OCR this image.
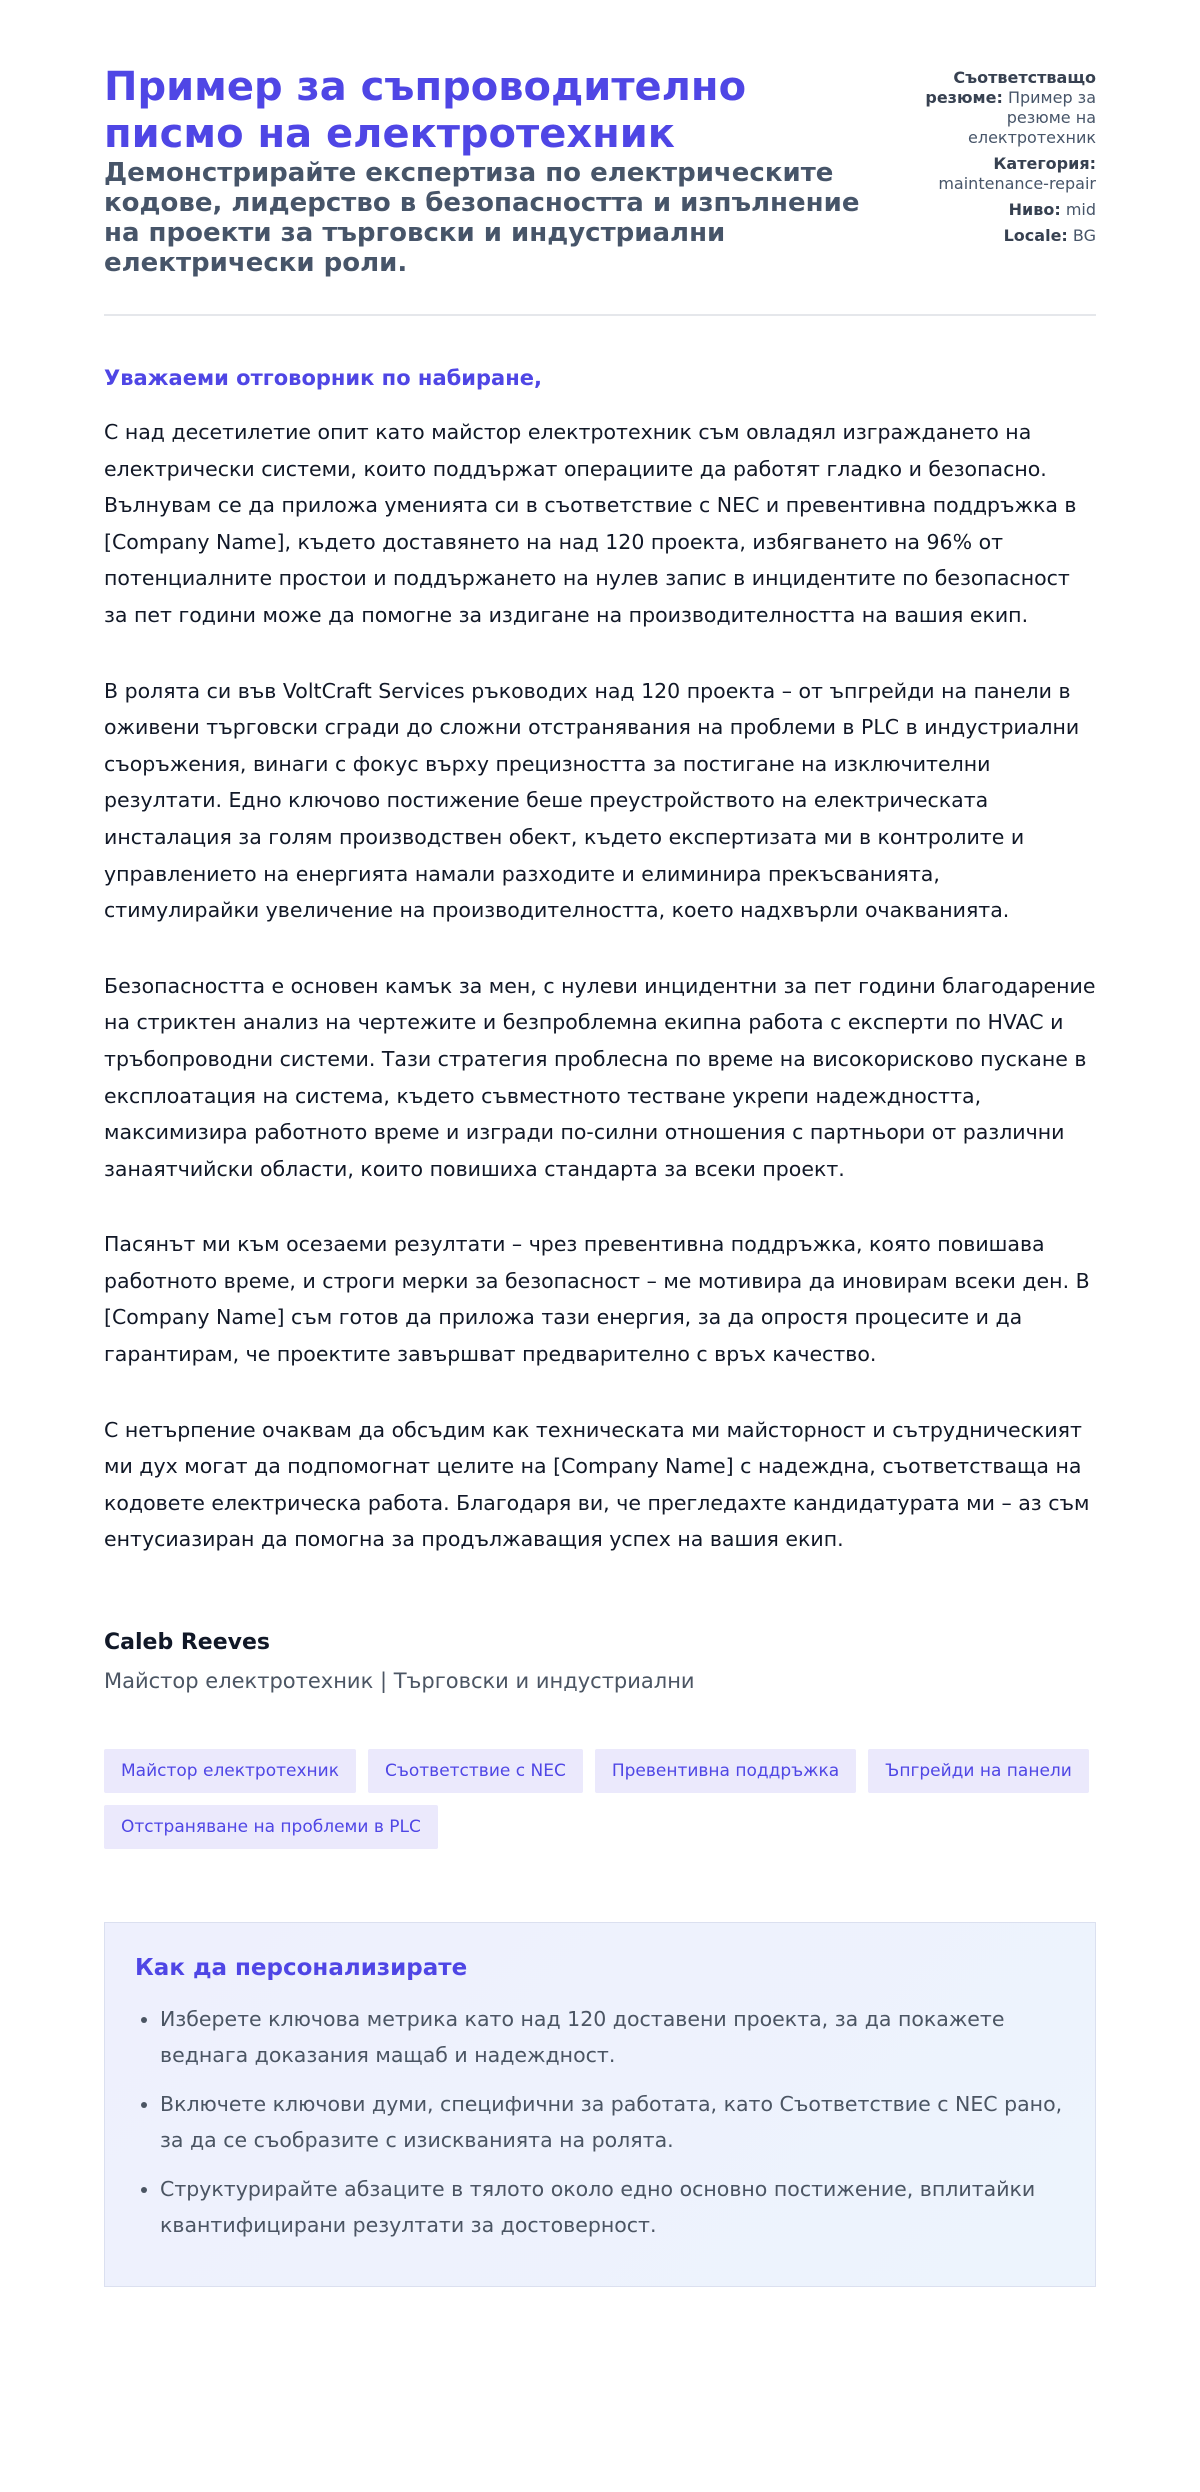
Пример за съпроводително писмо на електротехник
Демонстрирайте експертиза по електрическите кодове, лидерство в безопасността и изпълнение на проекти за търговски и индустриални електрически роли.
Съответстващо резюме: Пример за резюме на електротехник
Категория: maintenance-repair
Ниво: mid
Locale: BG
Уважаеми отговорник по набиране,

С над десетилетие опит като майстор електротехник съм овладял изграждането на електрически системи, които поддържат операциите да работят гладко и безопасно. Вълнувам се да приложа уменията си в съответствие с NEC и превентивна поддръжка в [Company Name], където доставянето на над 120 проекта, избягването на 96% от потенциалните простои и поддържането на нулев запис в инцидентите по безопасност за пет години може да помогне за издигане на производителността на вашия екип.

В ролята си във VoltCraft Services ръководих над 120 проекта – от ъпгрейди на панели в оживени търговски сгради до сложни отстранявания на проблеми в PLC в индустриални съоръжения, винаги с фокус върху прецизността за постигане на изключителни резултати. Едно ключово постижение беше преустройството на електрическата инсталация за голям производствен обект, където експертизата ми в контролите и управлението на енергията намали разходите и елиминира прекъсванията, стимулирайки увеличение на производителността, което надхвърли очакванията.

Безопасността е основен камък за мен, с нулеви инцидентни за пет години благодарение на стриктен анализ на чертежите и безпроблемна екипна работа с експерти по HVAC и тръбопроводни системи. Тази стратегия проблесна по време на високорисково пускане в експлоатация на система, където съвместното тестване укрепи надеждността, максимизира работното време и изгради по-силни отношения с партньори от различни занаятчийски области, които повишиха стандарта за всеки проект.

Пасянът ми към осезаеми резултати – чрез превентивна поддръжка, която повишава работното време, и строги мерки за безопасност – ме мотивира да иновирам всеки ден. В [Company Name] съм готов да приложа тази енергия, за да опростя процесите и да гарантирам, че проектите завършват предварително с връх качество.

С нетърпение очаквам да обсъдим как техническата ми майсторност и сътрудническият ми дух могат да подпомогнат целите на [Company Name] с надеждна, съответстваща на кодовете електрическа работа. Благодаря ви, че прегледахте кандидатурата ми – аз съм ентусиазиран да помогна за продължаващия успех на вашия екип.

Caleb Reeves
Майстор електротехник | Търговски и индустриални
Майстор електротехник	Съответствие с NEC	Превентивна поддръжка	Ъпгрейди на панели
Отстраняване на проблеми в PLC
Как да персонализирате
• Изберете ключова метрика като над 120 доставени проекта, за да покажете веднага доказания мащаб и надеждност.
• Включете ключови думи, специфични за работата, като Съответствие с NEC рано, за да се съобразите с изискванията на ролята.
• Структурирайте абзаците в тялото около едно основно постижение, вплитайки квантифицирани резултати за достоверност.
